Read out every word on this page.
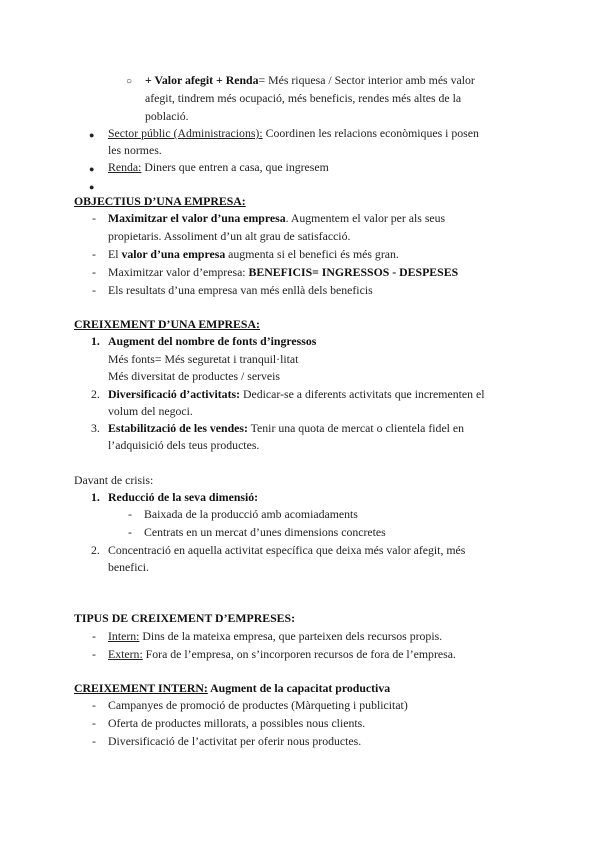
○ + Valor afegit + Renda= Més riquesa / Sector interior amb més valor
afegit, tindrem més ocupació, més beneficis, rendes més altes de la
població.
● Sector públic (Administracions): Coordinen les relacions econòmiques i posen
les normes.
● Renda: Diners que entren a casa, que ingresem
●
OBJECTIUS D’UNA EMPRESA:
- Maximitzar el valor d’una empresa. Augmentem el valor per als seus
propietaris. Assoliment d’un alt grau de satisfacció.
- El valor d’una empresa augmenta si el benefici és més gran.
- Maximitzar valor d’empresa: BENEFICIS= INGRESSOS - DESPESES
- Els resultats d’una empresa van més enllà dels beneficis
CREIXEMENT D’UNA EMPRESA:
1. Augment del nombre de fonts d’ingressos
Més fonts= Més seguretat i tranquil·litat
Més diversitat de productes / serveis
2. Diversificació d’activitats: Dedicar-se a diferents activitats que incrementen el
volum del negoci.
3. Estabilització de les vendes: Tenir una quota de mercat o clientela fidel en
l’adquisició dels teus productes.
Davant de crisis:
1. Reducció de la seva dimensió:
- Baixada de la producció amb acomiadaments
- Centrats en un mercat d’unes dimensions concretes
2. Concentració en aquella activitat específica que deixa més valor afegit, més
benefici.
TIPUS DE CREIXEMENT D’EMPRESES:
- Intern: Dins de la mateixa empresa, que parteixen dels recursos propis.
- Extern: Fora de l’empresa, on s’incorporen recursos de fora de l’empresa.
CREIXEMENT INTERN: Augment de la capacitat productiva
- Campanyes de promoció de productes (Màrqueting i publicitat)
- Oferta de productes millorats, a possibles nous clients.
- Diversificació de l’activitat per oferir nous productes.
